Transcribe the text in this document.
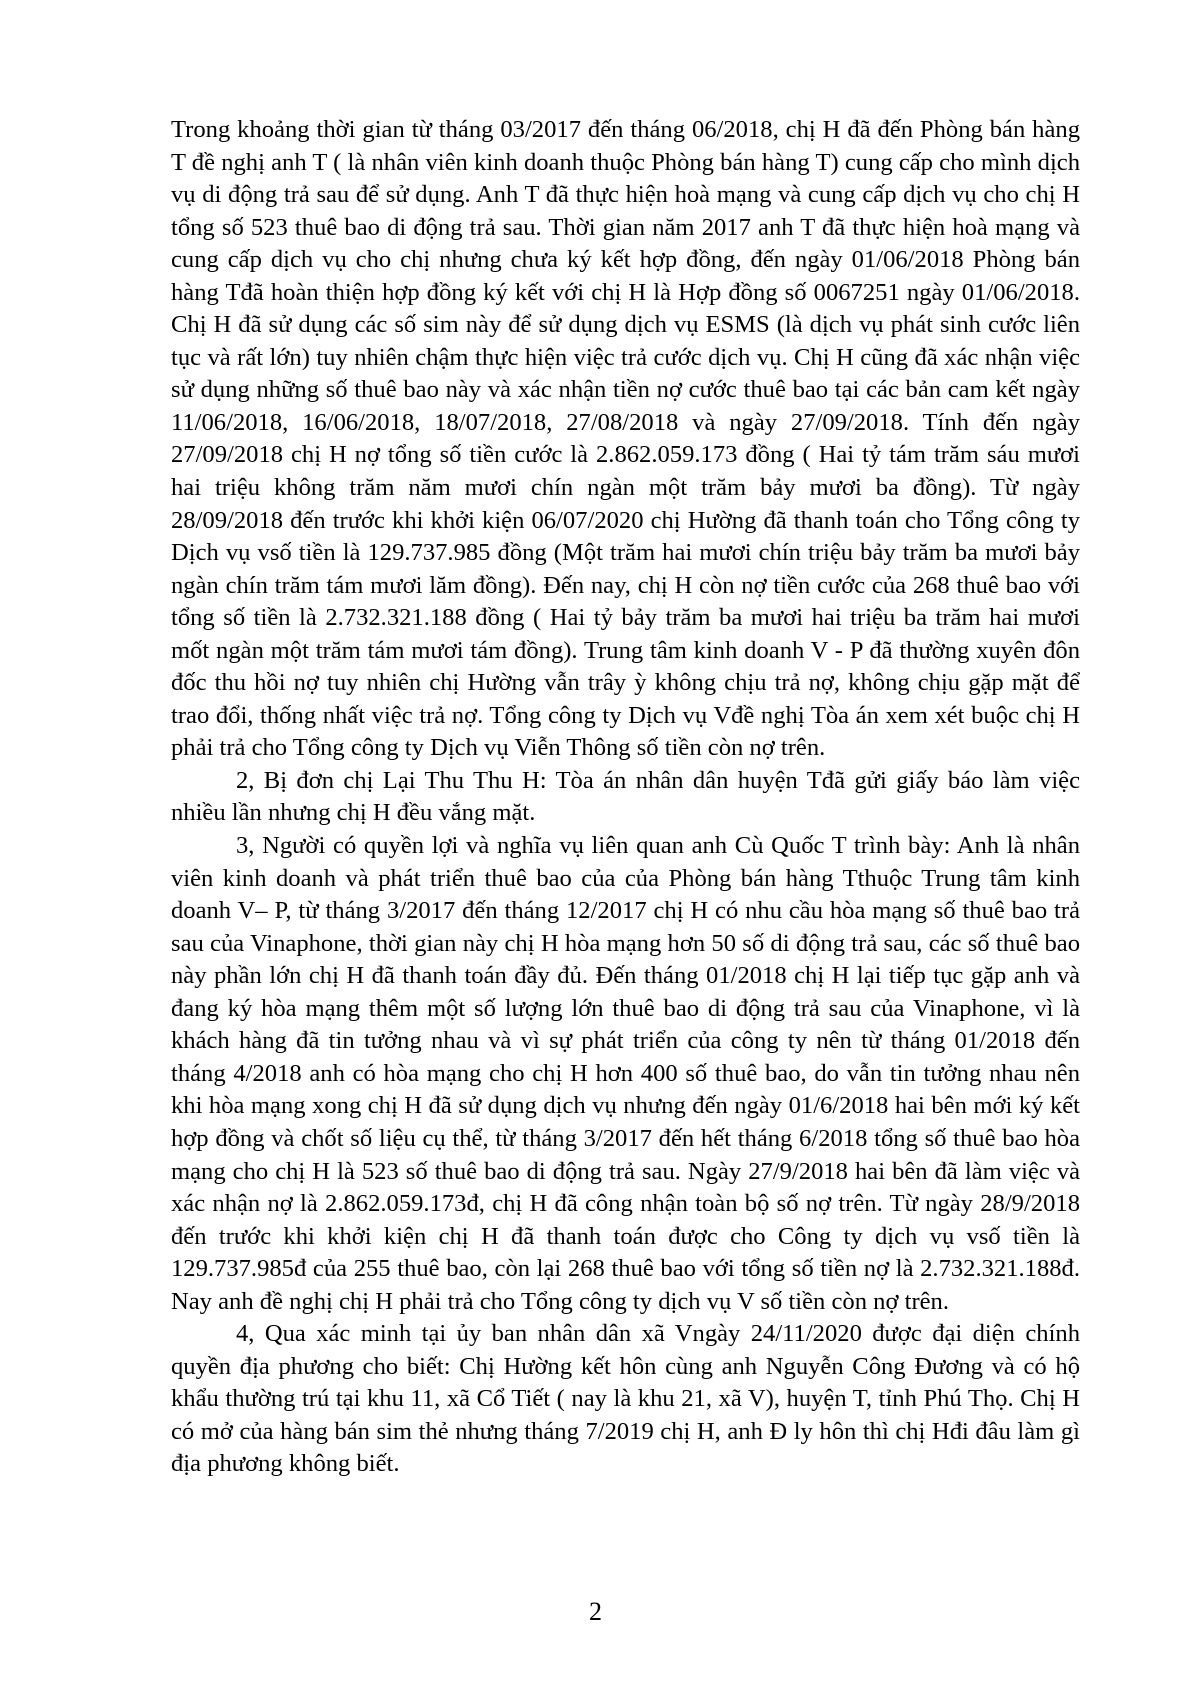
Trong khoảng thời gian từ tháng 03/2017 đến tháng 06/2018, chị H đã đến Phòng bán hàng T đề nghị anh T ( là nhân viên kinh doanh thuộc Phòng bán hàng T) cung cấp cho mình dịch vụ di động trả sau để sử dụng. Anh T đã thực hiện hoà mạng và cung cấp dịch vụ cho chị H tổng số 523 thuê bao di động trả sau. Thời gian năm 2017 anh T đã thực hiện hoà mạng và cung cấp dịch vụ cho chị nhưng chưa ký kết hợp đồng, đến ngày 01/06/2018 Phòng bán hàng Tđã hoàn thiện hợp đồng ký kết với chị H là Hợp đồng số 0067251 ngày 01/06/2018. Chị H đã sử dụng các số sim này để sử dụng dịch vụ ESMS (là dịch vụ phát sinh cước liên tục và rất lớn) tuy nhiên chậm thực hiện việc trả cước dịch vụ. Chị H cũng đã xác nhận việc sử dụng những số thuê bao này và xác nhận tiền nợ cước thuê bao tại các bản cam kết ngày 11/06/2018, 16/06/2018, 18/07/2018, 27/08/2018 và ngày 27/09/2018. Tính đến ngày 27/09/2018 chị H nợ tổng số tiền cước là 2.862.059.173 đồng ( Hai tỷ tám trăm sáu mươi hai triệu không trăm năm mươi chín ngàn một trăm bảy mươi ba đồng). Từ ngày 28/09/2018 đến trước khi khởi kiện 06/07/2020 chị Hường đã thanh toán cho Tổng công ty Dịch vụ vsố tiền là 129.737.985 đồng (Một trăm hai mươi chín triệu bảy trăm ba mươi bảy ngàn chín trăm tám mươi lăm đồng). Đến nay, chị H còn nợ tiền cước của 268 thuê bao với tổng số tiền là 2.732.321.188 đồng ( Hai tỷ bảy trăm ba mươi hai triệu ba trăm hai mươi mốt ngàn một trăm tám mươi tám đồng). Trung tâm kinh doanh V - P đã thường xuyên đôn đốc thu hồi nợ tuy nhiên chị Hường vẫn trây ỳ không chịu trả nợ, không chịu gặp mặt để trao đổi, thống nhất việc trả nợ. Tổng công ty Dịch vụ Vđề nghị Tòa án xem xét buộc chị H phải trả cho Tổng công ty Dịch vụ Viễn Thông số tiền còn nợ trên.

2, Bị đơn chị Lại Thu Thu H: Tòa án nhân dân huyện Tđã gửi giấy báo làm việc nhiều lần nhưng chị H đều vắng mặt.

3, Người có quyền lợi và nghĩa vụ liên quan anh Cù Quốc T trình bày: Anh là nhân viên kinh doanh và phát triển thuê bao của của Phòng bán hàng Tthuộc Trung tâm kinh doanh V– P, từ tháng 3/2017 đến tháng 12/2017 chị H có nhu cầu hòa mạng số thuê bao trả sau của Vinaphone, thời gian này chị H hòa mạng hơn 50 số di động trả sau, các số thuê bao này phần lớn chị H đã thanh toán đầy đủ. Đến tháng 01/2018 chị H lại tiếp tục gặp anh và đang ký hòa mạng thêm một số lượng lớn thuê bao di động trả sau của Vinaphone, vì là khách hàng đã tin tưởng nhau và vì sự phát triển của công ty nên từ tháng 01/2018 đến tháng 4/2018 anh có hòa mạng cho chị H hơn 400 số thuê bao, do vẫn tin tưởng nhau nên khi hòa mạng xong chị H đã sử dụng dịch vụ nhưng đến ngày 01/6/2018 hai bên mới ký kết hợp đồng và chốt số liệu cụ thể, từ tháng 3/2017 đến hết tháng 6/2018 tổng số thuê bao hòa mạng cho chị H là 523 số thuê bao di động trả sau. Ngày 27/9/2018 hai bên đã làm việc và xác nhận nợ là 2.862.059.173đ, chị H đã công nhận toàn bộ số nợ trên. Từ ngày 28/9/2018 đến trước khi khởi kiện chị H đã thanh toán được cho Công ty dịch vụ vsố tiền là 129.737.985đ của 255 thuê bao, còn lại 268 thuê bao với tổng số tiền nợ là 2.732.321.188đ. Nay anh đề nghị chị H phải trả cho Tổng công ty dịch vụ V số tiền còn nợ trên.

4, Qua xác minh tại ủy ban nhân dân xã Vngày 24/11/2020 được đại diện chính quyền địa phương cho biết: Chị Hường kết hôn cùng anh Nguyễn Công Đương và có hộ khẩu thường trú tại khu 11, xã Cổ Tiết ( nay là khu 21, xã V), huyện T, tỉnh Phú Thọ. Chị H có mở của hàng bán sim thẻ nhưng tháng 7/2019 chị H, anh Đ ly hôn thì chị Hđi đâu làm gì địa phương không biết.

2
